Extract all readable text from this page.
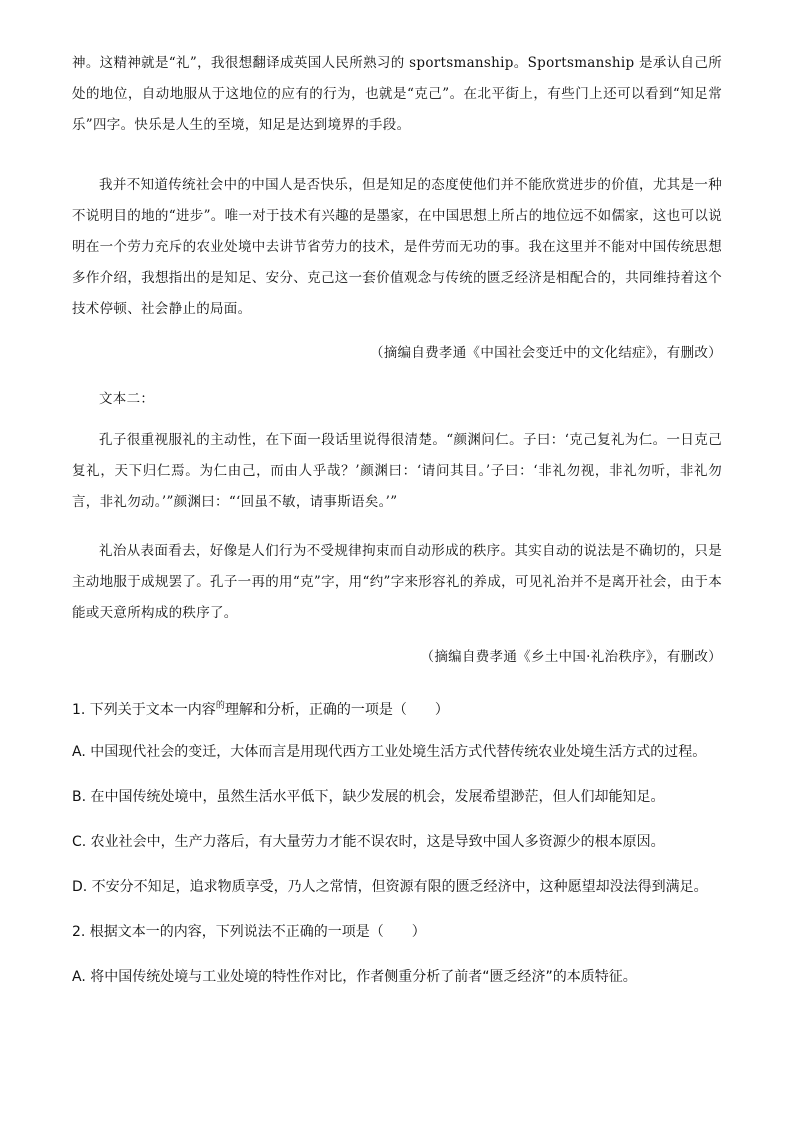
神。这精神就是“礼”，我很想翻译成英国人民所熟习的 sportsmanship。Sportsmanship 是承认自己所处的地位，自动地服从于这地位的应有的行为，也就是“克己”。在北平街上，有些门上还可以看到“知足常乐”四字。快乐是人生的至境，知足是达到境界的手段。

我并不知道传统社会中的中国人是否快乐，但是知足的态度使他们并不能欣赏进步的价值，尤其是一种不说明目的地的“进步”。唯一对于技术有兴趣的是墨家，在中国思想上所占的地位远不如儒家，这也可以说明在一个劳力充斥的农业处境中去讲节省劳力的技术，是件劳而无功的事。我在这里并不能对中国传统思想多作介绍，我想指出的是知足、安分、克己这一套价值观念与传统的匮乏经济是相配合的，共同维持着这个技术停顿、社会静止的局面。

（摘编自费孝通《中国社会变迁中的文化结症》，有删改）

文本二：

孔子很重视服礼的主动性，在下面一段话里说得很清楚。“颜渊问仁。子曰：‘克己复礼为仁。一日克己复礼，天下归仁焉。为仁由己，而由人乎哉？’颜渊曰：‘请问其目。’子曰：‘非礼勿视，非礼勿听，非礼勿言，非礼勿动。’”颜渊曰：“‘回虽不敏，请事斯语矣。’”

礼治从表面看去，好像是人们行为不受规律拘束而自动形成的秩序。其实自动的说法是不确切的，只是主动地服于成规罢了。孔子一再的用“克”字，用“约”字来形容礼的养成，可见礼治并不是离开社会，由于本能或天意所构成的秩序了。

（摘编自费孝通《乡土中国·礼治秩序》，有删改）

1. 下列关于文本一内容$^的$理解和分析，正确的一项是（　　）
A. 中国现代社会的变迁，大体而言是用现代西方工业处境生活方式代替传统农业处境生活方式的过程。
B. 在中国传统处境中，虽然生活水平低下，缺少发展的机会，发展希望渺茫，但人们却能知足。
C. 农业社会中，生产力落后，有大量劳力才能不误农时，这是导致中国人多资源少的根本原因。
D. 不安分不知足，追求物质享受，乃人之常情，但资源有限的匮乏经济中，这种愿望却没法得到满足。
2. 根据文本一的内容，下列说法不正确的一项是（　　）
A. 将中国传统处境与工业处境的特性作对比，作者侧重分析了前者“匮乏经济”的本质特征。
